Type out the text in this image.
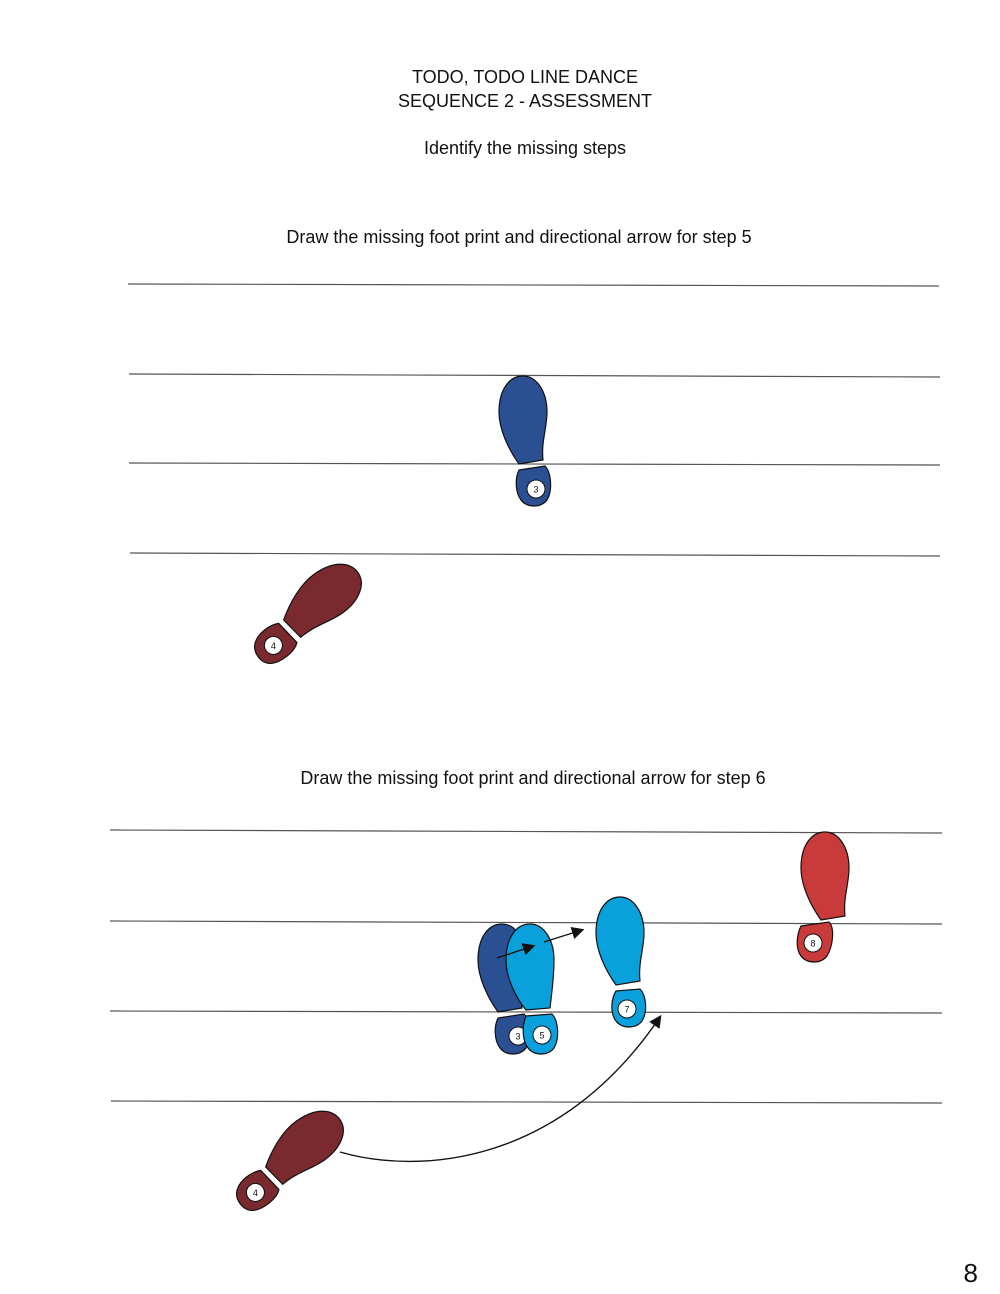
TODO, TODO LINE DANCE
SEQUENCE 2 - ASSESSMENT
Identify the missing steps
Draw the missing foot print and directional arrow for step 5
Draw the missing foot print and directional arrow for step 6
8
3
4
3 5
7
8
4
